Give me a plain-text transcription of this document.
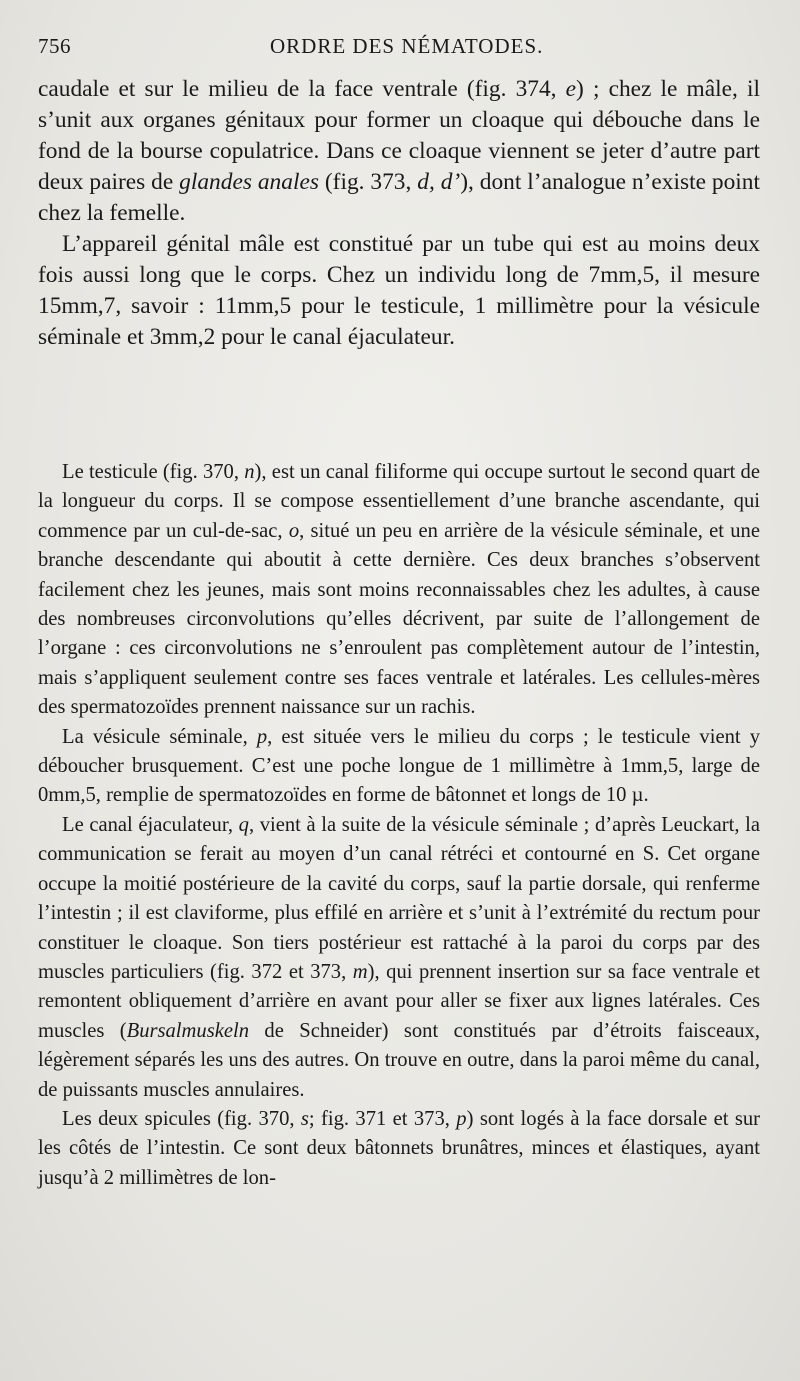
756	ORDRE DES NÉMATODES.

caudale et sur le milieu de la face ventrale (fig. 374, e) ; chez le mâle, il s’unit aux organes génitaux pour former un cloaque qui débouche dans le fond de la bourse copulatrice. Dans ce cloaque viennent se jeter d’autre part deux paires de glandes anales (fig. 373, d, d’), dont l’analogue n’existe point chez la femelle.

L’appareil génital mâle est constitué par un tube qui est au moins deux fois aussi long que le corps. Chez un individu long de 7mm,5, il mesure 15mm,7, savoir : 11mm,5 pour le testicule, 1 millimètre pour la vésicule séminale et 3mm,2 pour le canal éjaculateur.

Le testicule (fig. 370, n), est un canal filiforme qui occupe surtout le second quart de la longueur du corps. Il se compose essentiellement d’une branche ascendante, qui commence par un cul-de-sac, o, situé un peu en arrière de la vésicule séminale, et une branche descendante qui aboutit à cette dernière. Ces deux branches s’observent facilement chez les jeunes, mais sont moins reconnaissables chez les adultes, à cause des nombreuses circonvolutions qu’elles décrivent, par suite de l’allongement de l’organe : ces circonvolutions ne s’enroulent pas complètement autour de l’intestin, mais s’appliquent seulement contre ses faces ventrale et latérales. Les cellules-mères des spermatozoïdes prennent naissance sur un rachis.

La vésicule séminale, p, est située vers le milieu du corps ; le testicule vient y déboucher brusquement. C’est une poche longue de 1 millimètre à 1mm,5, large de 0mm,5, remplie de spermatozoïdes en forme de bâtonnet et longs de 10 µ.

Le canal éjaculateur, q, vient à la suite de la vésicule séminale ; d’après Leuckart, la communication se ferait au moyen d’un canal rétréci et contourné en S. Cet organe occupe la moitié postérieure de la cavité du corps, sauf la partie dorsale, qui renferme l’intestin ; il est claviforme, plus effilé en arrière et s’unit à l’extrémité du rectum pour constituer le cloaque. Son tiers postérieur est rattaché à la paroi du corps par des muscles particuliers (fig. 372 et 373, m), qui prennent insertion sur sa face ventrale et remontent obliquement d’arrière en avant pour aller se fixer aux lignes latérales. Ces muscles (Bursalmuskeln de Schneider) sont constitués par d’étroits faisceaux, légèrement séparés les uns des autres. On trouve en outre, dans la paroi même du canal, de puissants muscles annulaires.

Les deux spicules (fig. 370, s; fig. 371 et 373, p) sont logés à la face dorsale et sur les côtés de l’intestin. Ce sont deux bâtonnets brunâtres, minces et élastiques, ayant jusqu’à 2 millimètres de lon-
